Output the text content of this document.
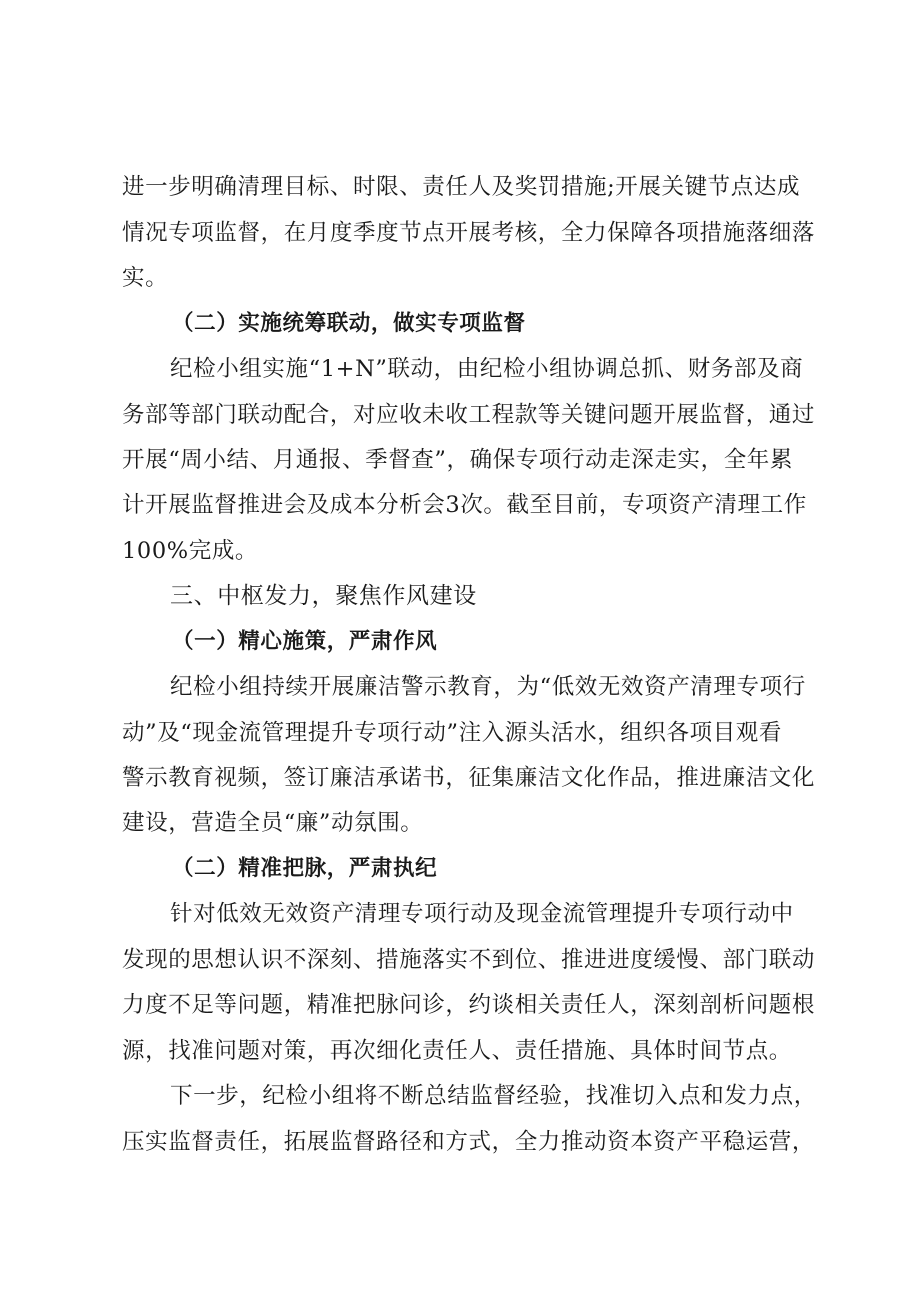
进一步明确清理目标、时限、责任人及奖罚措施;开展关键节点达成
情况专项监督，在月度季度节点开展考核，全力保障各项措施落细落
实。
（二）实施统筹联动，做实专项监督
纪检小组实施“1+N”联动，由纪检小组协调总抓、财务部及商
务部等部门联动配合，对应收未收工程款等关键问题开展监督，通过
开展“周小结、月通报、季督查”，确保专项行动走深走实，全年累
计开展监督推进会及成本分析会3次。截至目前，专项资产清理工作
100%完成。
三、中枢发力，聚焦作风建设
（一）精心施策，严肃作风
纪检小组持续开展廉洁警示教育，为“低效无效资产清理专项行
动”及“现金流管理提升专项行动”注入源头活水，组织各项目观看
警示教育视频，签订廉洁承诺书，征集廉洁文化作品，推进廉洁文化
建设，营造全员“廉”动氛围。
（二）精准把脉，严肃执纪
针对低效无效资产清理专项行动及现金流管理提升专项行动中
发现的思想认识不深刻、措施落实不到位、推进进度缓慢、部门联动
力度不足等问题，精准把脉问诊，约谈相关责任人，深刻剖析问题根
源，找准问题对策，再次细化责任人、责任措施、具体时间节点。
下一步，纪检小组将不断总结监督经验，找准切入点和发力点，
压实监督责任，拓展监督路径和方式，全力推动资本资产平稳运营，
